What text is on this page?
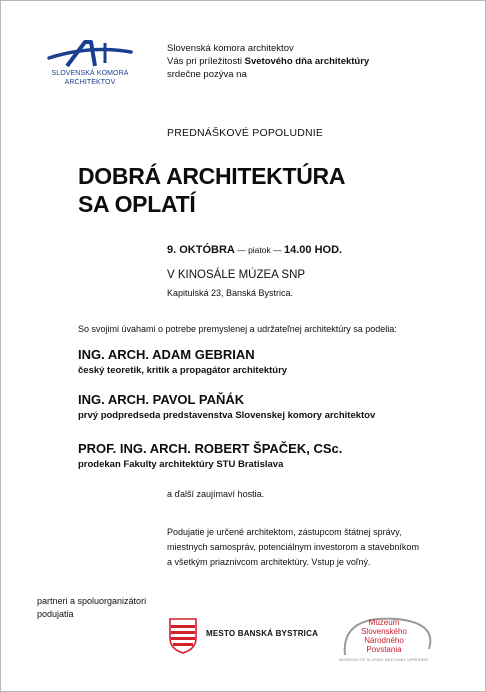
SLOVENSKÁ KOMORA
ARCHITEKTOV
Slovenská komora architektov
Vás pri príležitosti Svetového dňa architektúry
srdečne pozýva na
PREDNÁŠKOVÉ POPOLUDNIE
DOBRÁ ARCHITEKTÚRA
SA OPLATÍ
9. OKTÓBRA — piatok — 14.00 HOD.
V KINOSÁLE MÚZEA SNP
Kapitulská 23, Banská Bystrica.
So svojimi úvahami o potrebe premyslenej a udržateľnej architektúry sa podelia:
ING. ARCH. ADAM GEBRIAN
český teoretik, kritik a propagátor architektúry
ING. ARCH. PAVOL PAŇÁK
prvý podpredseda predstavenstva Slovenskej komory architektov
PROF. ING. ARCH. ROBERT ŠPAČEK, CSc.
prodekan Fakulty architektúry STU Bratislava
a ďalší zaujímaví hostia.
Podujatie je určené architektom, zástupcom štátnej správy,
miestnych samospráv, potenciálnym investorom a stavebníkom
a všetkým priaznivcom architektúry. Vstup je voľný.
partneri a spoluorganizátori
podujatia
MESTO BANSKÁ BYSTRICA
Múzeum
Slovenského
Národného
Povstania
MUSEUM OF SLOVAK NATIONAL UPRISING
